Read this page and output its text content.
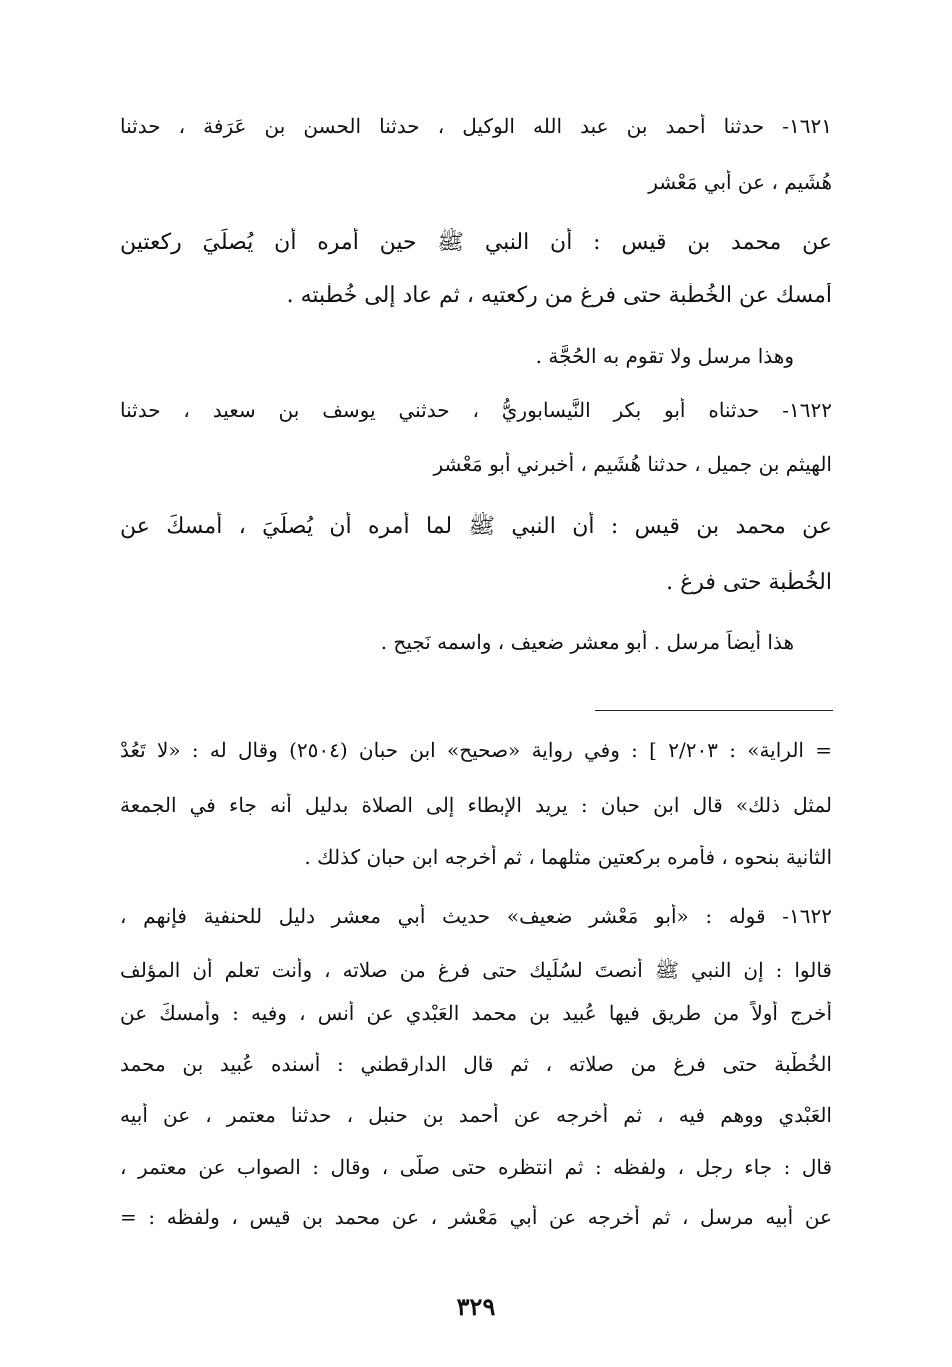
١٦٢١- حدثنا أحمد بن عبد الله الوكيل ، حدثنا الحسن بن عَرَفة ، حدثنا
هُشَيم ، عن أبي مَعْشر
عن محمد بن قيس : أن النبي ﷺ حين أمره أن يُصلِّيَ ركعتين
أمسك عن الخُطْبة حتى فرغ من ركعتيه ، ثم عاد إلى خُطْبته .
وهذا مرسل ولا تقوم به الحُجَّة .
١٦٢٢- حدثناه أبو بكر النَّيسابوريُّ ، حدثني يوسف بن سعيد ، حدثنا
الهيثم بن جميل ، حدثنا هُشَيم ، أخبرني أبو مَعْشر
عن محمد بن قيس : أن النبي ﷺ لما أمره أن يُصلِّيَ ، أمسكَ عن
الخُطْبة حتى فرغ .
هذا أيضاً مرسل . أبو معشر ضعيف ، واسمه نَجيح .
= الراية» : ٢/٢٠٣ ] : وفي رواية «صحيح» ابن حبان (٢٥٠٤) وقال له : «لا تَعُدْ
لمثل ذلك» قال ابن حبان : يريد الإبطاء إلى الصلاة بدليل أنه جاء في الجمعة
الثانية بنحوه ، فأمره بركعتين مثلهما ، ثم أخرجه ابن حبان كذلك .
١٦٢٢- قوله : «أبو مَعْشر ضعيف» حديث أبي معشر دليل للحنفية فإنهم ،
قالوا : إن النبي ﷺ أنصتَ لسُلَيك حتى فرغ من صلاته ، وأنت تعلم أن المؤلف
أخرج أولاً من طريق فيها عُبيد بن محمد العَبْدي عن أنس ، وفيه : وأمسكَ عن
الخُطْبة حتى فرغ من صلاته ، ثم قال الدارقطني : أسنده عُبيد بن محمد
العَبْدي ووهم فيه ، ثم أخرجه عن أحمد بن حنبل ، حدثنا معتمر ، عن أبيه
قال : جاء رجل ، ولفظه : ثم انتظره حتى صلَّى ، وقال : الصواب عن معتمر ،
عن أبيه مرسل ، ثم أخرجه عن أبي مَعْشر ، عن محمد بن قيس ، ولفظه : =
٣٢٩
